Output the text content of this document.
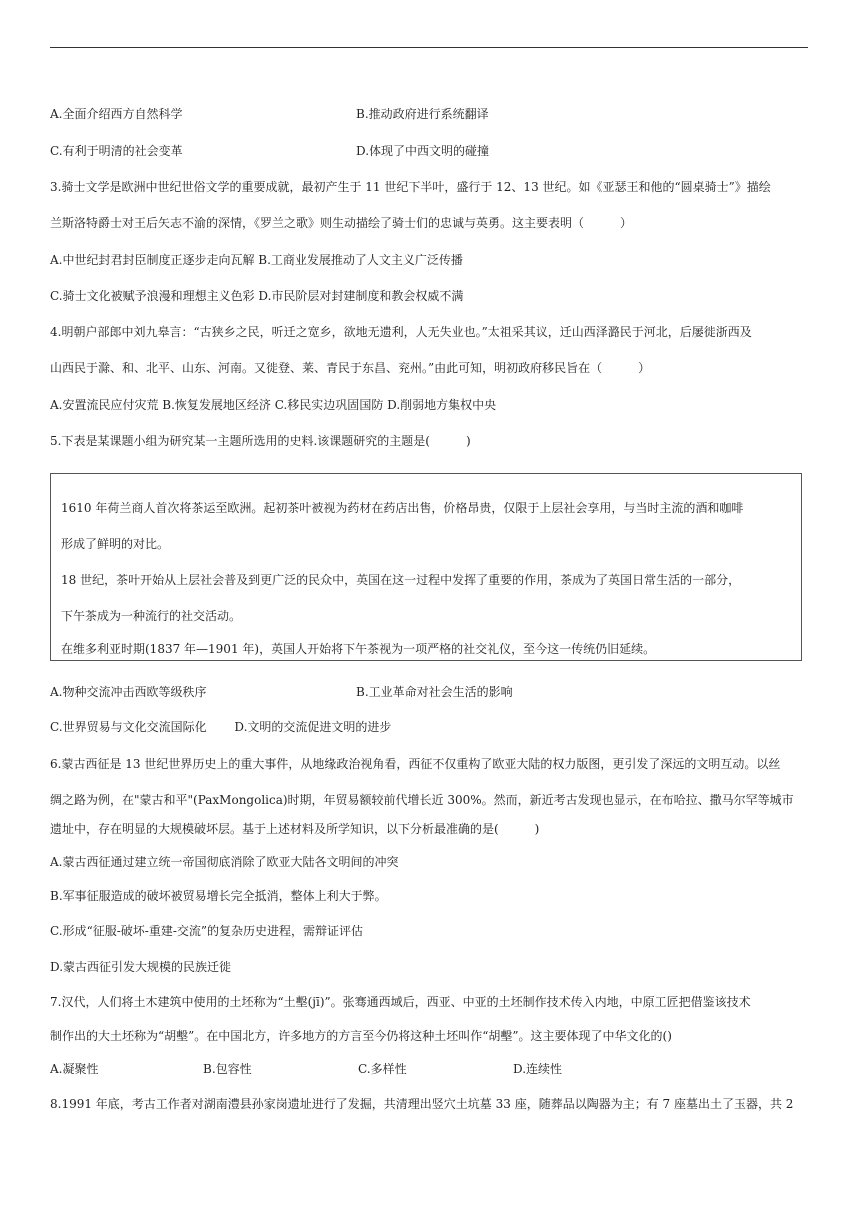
A.全面介绍西方自然科学	B.推动政府进行系统翻译
C.有利于明清的社会变革	D.体现了中西文明的碰撞
3.骑士文学是欧洲中世纪世俗文学的重要成就，最初产生于 11 世纪下半叶，盛行于 12、13 世纪。如《亚瑟王和他的“圆桌骑士”》描绘
兰斯洛特爵士对王后矢志不渝的深情，《罗兰之歌》则生动描绘了骑士们的忠诚与英勇。这主要表明（　　　）
A.中世纪封君封臣制度正逐步走向瓦解 B.工商业发展推动了人文主义广泛传播
C.骑士文化被赋予浪漫和理想主义色彩 D.市民阶层对封建制度和教会权威不满
4.明朝户部郎中刘九皋言：“古狭乡之民，听迁之宽乡，欲地无遗利，人无失业也。”太祖采其议，迁山西泽潞民于河北，后屡徙浙西及
山西民于滁、和、北平、山东、河南。又徙登、莱、青民于东昌、兖州。”由此可知，明初政府移民旨在（　　　）
A.安置流民应付灾荒 B.恢复发展地区经济 C.移民实边巩固国防 D.削弱地方集权中央
5.下表是某课题小组为研究某一主题所选用的史料.该课题研究的主题是(　　　)
1610 年荷兰商人首次将茶运至欧洲。起初茶叶被视为药材在药店出售，价格昂贵，仅限于上层社会享用，与当时主流的酒和咖啡
形成了鲜明的对比。
18 世纪，茶叶开始从上层社会普及到更广泛的民众中，英国在这一过程中发挥了重要的作用，茶成为了英国日常生活的一部分，
下午茶成为一种流行的社交活动。
在维多利亚时期(1837 年—1901 年)，英国人开始将下午茶视为一项严格的社交礼仪，至今这一传统仍旧延续。
A.物种交流冲击西欧等级秩序	B.工业革命对社会生活的影响
C.世界贸易与文化交流国际化　　 D.文明的交流促进文明的进步
6.蒙古西征是 13 世纪世界历史上的重大事件，从地缘政治视角看，西征不仅重构了欧亚大陆的权力版图，更引发了深远的文明互动。以丝
绸之路为例，在"蒙古和平"(PaxMongolica)时期，年贸易额较前代增长近 300%。然而，新近考古发现也显示，在布哈拉、撒马尔罕等城市
遗址中，存在明显的大规模破坏层。基于上述材料及所学知识，以下分析最准确的是(　　　)
A.蒙古西征通过建立统一帝国彻底消除了欧亚大陆各文明间的冲突
B.军事征服造成的破坏被贸易增长完全抵消，整体上利大于弊。
C.形成“征服-破坏-重建-交流”的复杂历史进程，需辩证评估
D.蒙古西征引发大规模的民族迁徙
7.汉代，人们将土木建筑中使用的土坯称为“土墼(jī)”。张骞通西域后，西亚、中亚的土坯制作技术传入内地，中原工匠把借鉴该技术
制作出的大土坯称为“胡墼”。在中国北方，许多地方的方言至今仍将这种土坯叫作“胡墼”。这主要体现了中华文化的()
A.凝聚性	B.包容性	C.多样性	D.连续性
8.1991 年底，考古工作者对湖南澧县孙家岗遗址进行了发掘，共清理出竖穴土坑墓 33 座，随葬品以陶器为主；有 7 座墓出土了玉器，共 2
